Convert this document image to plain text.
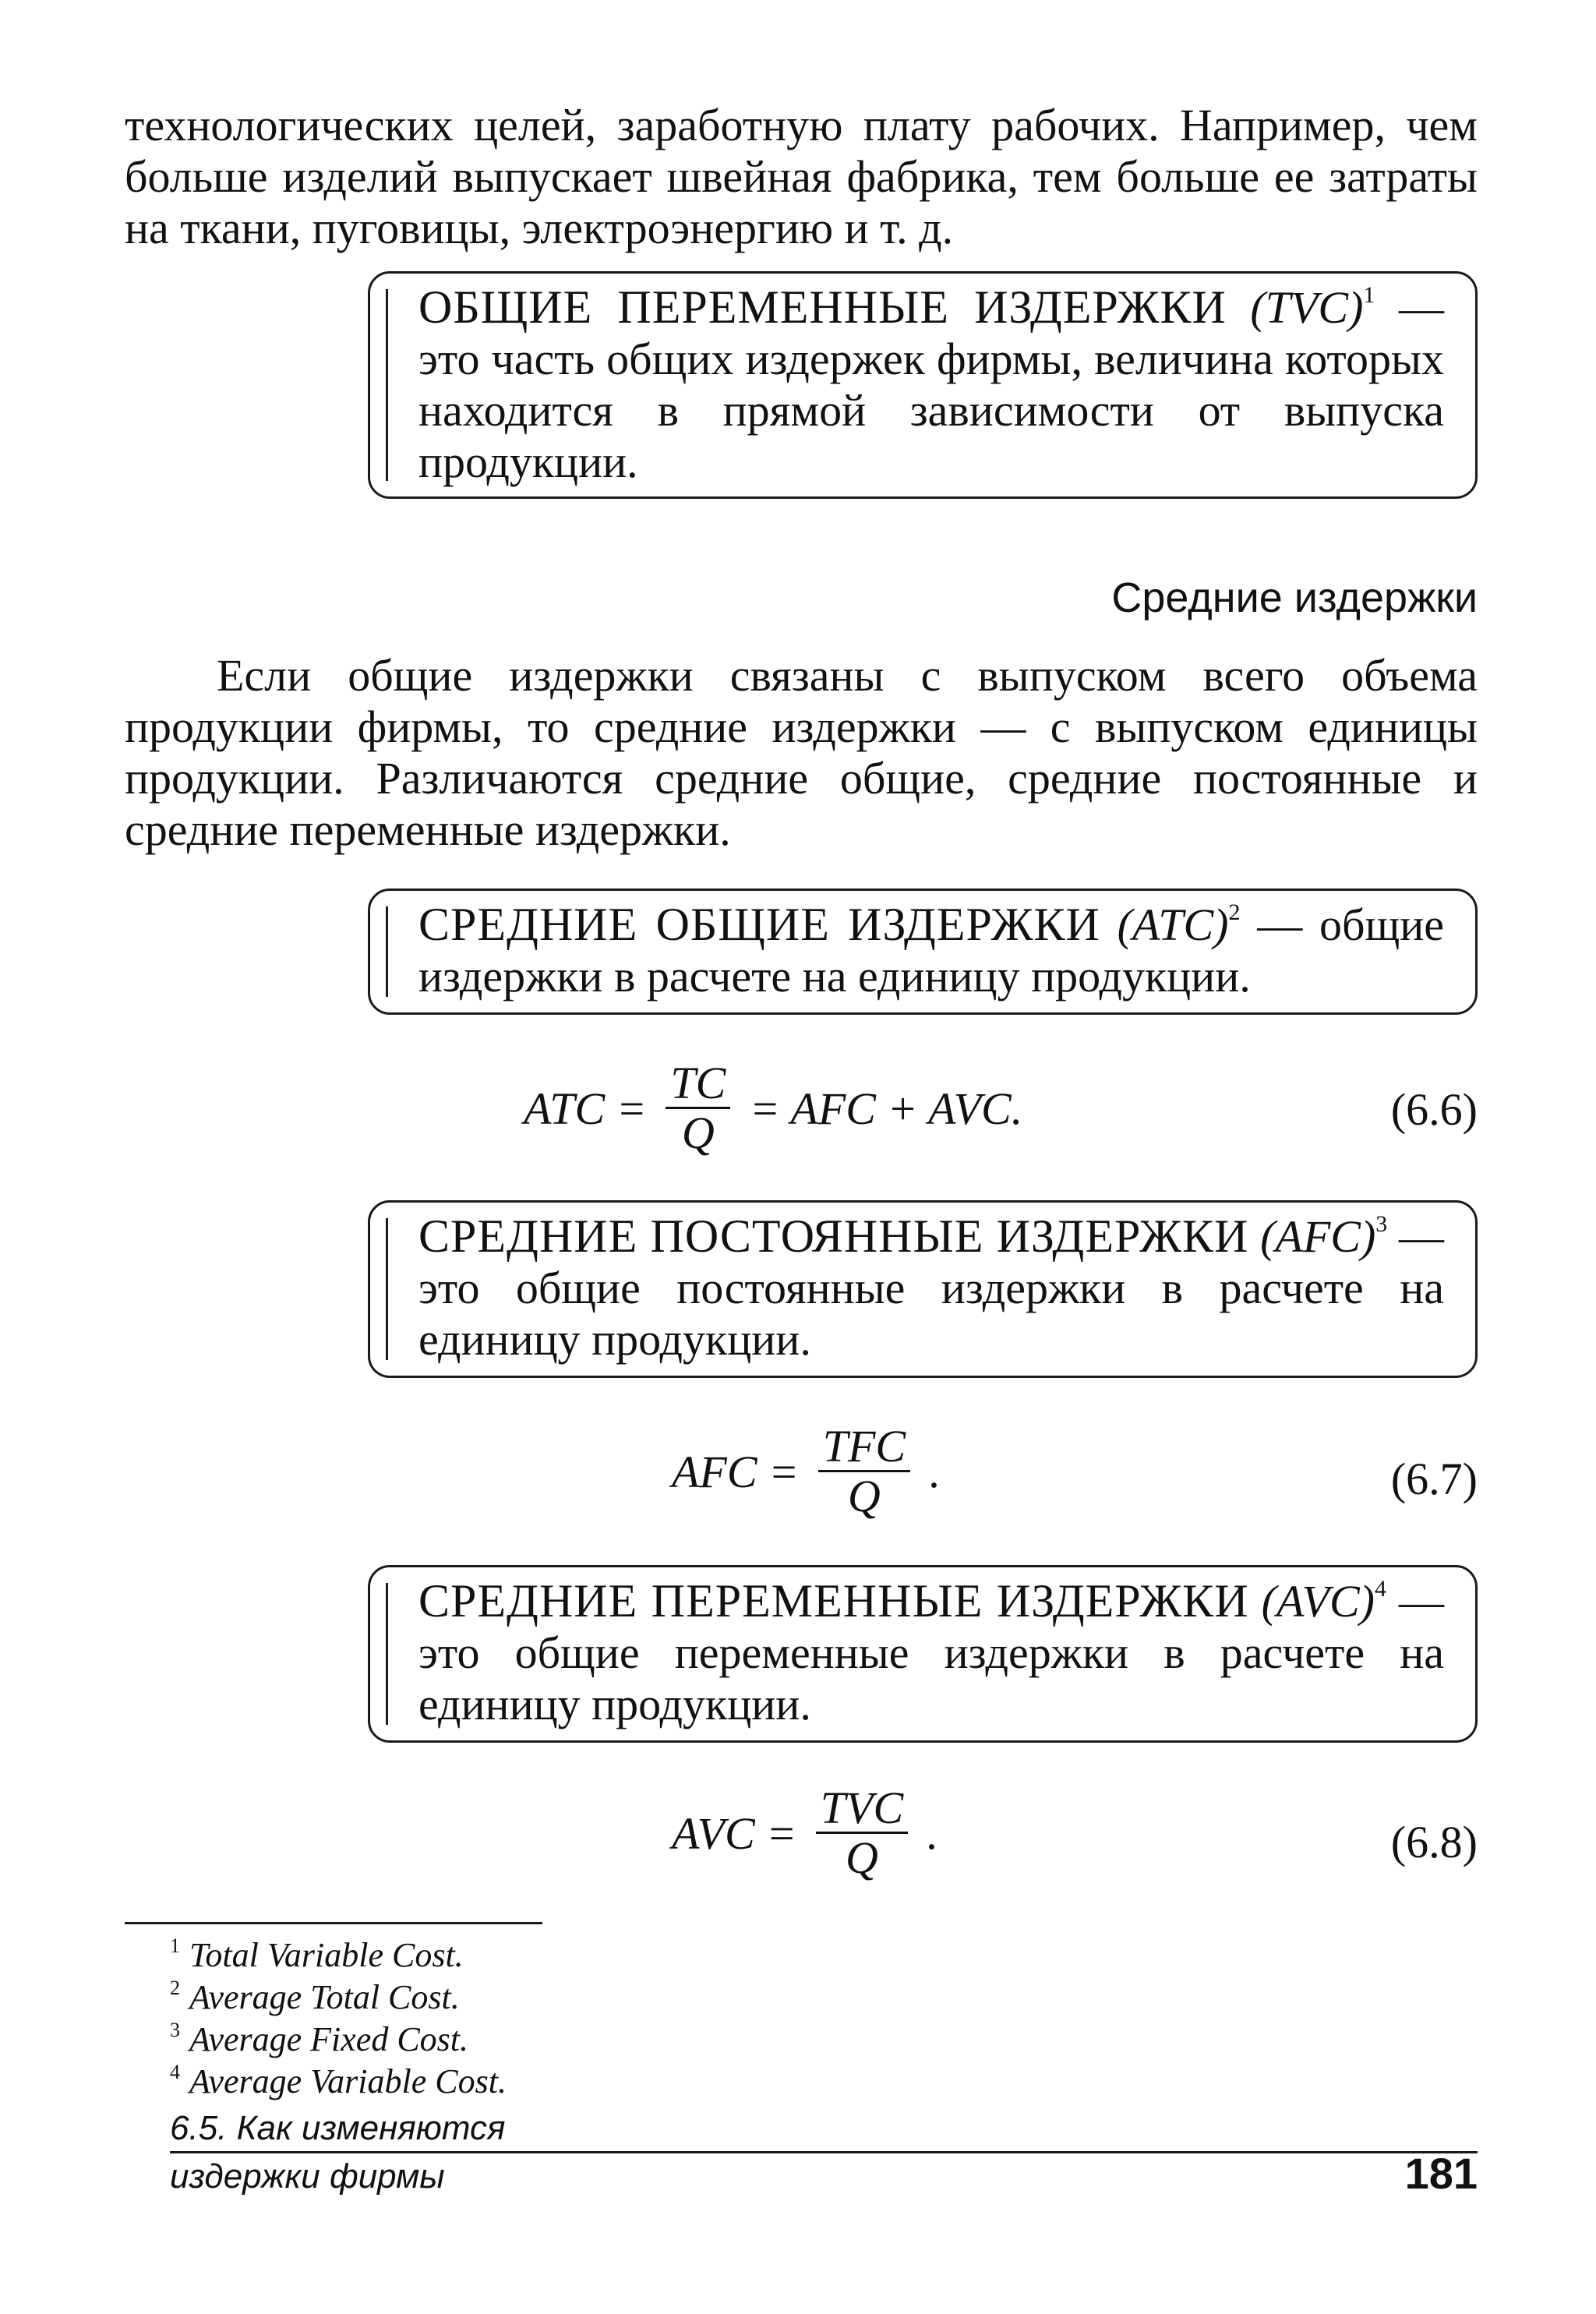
технологических целей, заработную плату рабочих. Например, чем больше изделий выпускает швейная фабрика, тем больше ее затраты на ткани, пуговицы, электроэнергию и т. д.

ОБЩИЕ ПЕРЕМЕННЫЕ ИЗДЕРЖКИ (TVC)$^1$ — это часть общих издержек фирмы, величина которых находится в прямой зависимости от выпуска продукции.

Средние издержки

Если общие издержки связаны с выпуском всего объема продукции фирмы, то средние издержки — с выпуском единицы продукции. Различаются средние общие, средние постоянные и средние переменные издержки.

СРЕДНИЕ ОБЩИЕ ИЗДЕРЖКИ (ATC)$^2$ — общие издержки в расчете на единицу продукции.

ATC = $\frac{TC}{Q}$ = AFC + AVC.	(6.6)

СРЕДНИЕ ПОСТОЯННЫЕ ИЗДЕРЖКИ (AFC)$^3$ — это общие постоянные издержки в расчете на единицу продукции.

AFC = $\frac{\text{TFC}}{Q}$ .	(6.7)

СРЕДНИЕ ПЕРЕМЕННЫЕ ИЗДЕРЖКИ (AVC)$^4$ — это общие переменные издержки в расчете на единицу продукции.

AVC = $\frac{\text{TVC}}{Q}$ .	(6.8)
$^1$ Total Variable Cost.
$^2$ Average Total Cost.
$^3$ Average Fixed Cost.
$^4$ Average Variable Cost.
6.5. Как изменяются
издержки фирмы	181
